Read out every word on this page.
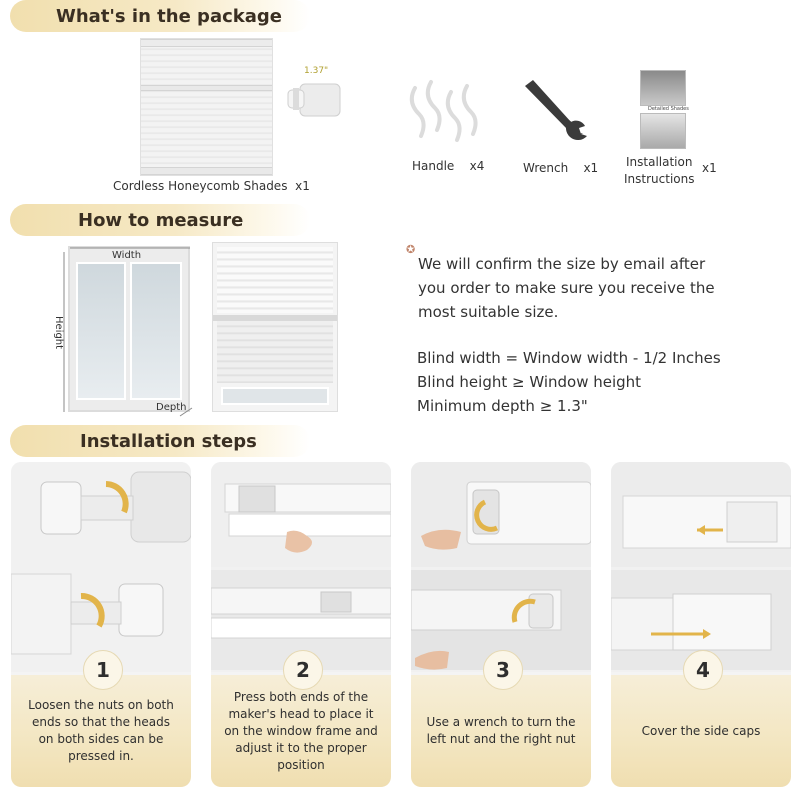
What's in the package
1.37"
Cordless Honeycomb Shades x1
Handle x4	Wrench x1
Detailed Shades
Installation
Instructions
x1
How to measure
Width
Height
Depth
✪
We will confirm the size by email after
you order to make sure you receive the
most suitable size.
Blind width = Window width - 1/2 Inches
Blind height ≥ Window height
Minimum depth ≥ 1.3"
Installation steps
Loosen the nuts on both ends so that the heads on both sides can be pressed in.
1
Press both ends of the maker's head to place it on the window frame and adjust it to the proper position
2
Use a wrench to turn the left nut and the right nut
3
Cover the side caps
4
